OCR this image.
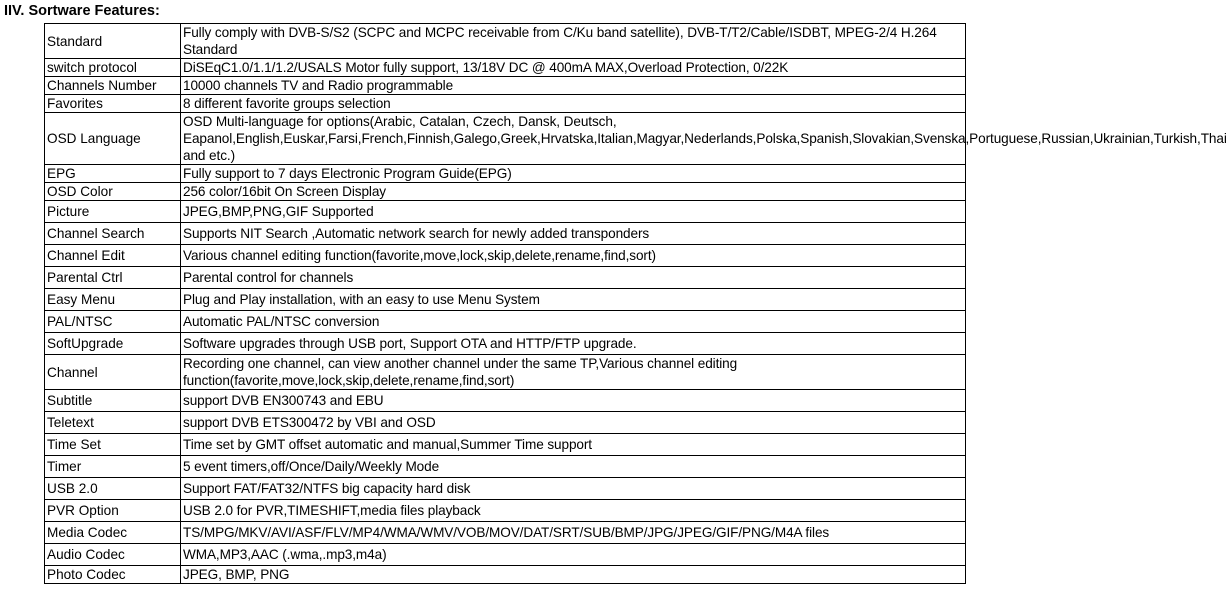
IIV. Sortware Features:
Standard	Fully comply with DVB-S/S2 (SCPC and MCPC receivable from C/Ku band satellite), DVB-T/T2/Cable/ISDBT, MPEG-2/4 H.264 Standard
switch protocol	DiSEqC1.0/1.1/1.2/USALS Motor fully support, 13/18V DC @ 400mA MAX,Overload Protection, 0/22K
Channels Number	10000 channels TV and Radio programmable
Favorites	8 different favorite groups selection
OSD Language	OSD Multi-language for options(Arabic, Catalan, Czech, Dansk, Deutsch, Eapanol,English,Euskar,Farsi,French,Finnish,Galego,Greek,Hrvatska,Italian,Magyar,Nederlands,Polska,Spanish,Slovakian,Svenska,Portuguese,Russian,Ukrainian,Turkish,Thai and etc.)
EPG	Fully support to 7 days Electronic Program Guide(EPG)
OSD Color	256 color/16bit On Screen Display
Picture	JPEG,BMP,PNG,GIF Supported
Channel Search	Supports NIT Search ,Automatic network search for newly added transponders
Channel Edit	Various channel editing function(favorite,move,lock,skip,delete,rename,find,sort)
Parental Ctrl	Parental control for channels
Easy Menu	Plug and Play installation, with an easy to use Menu System
PAL/NTSC	Automatic PAL/NTSC conversion
SoftUpgrade	Software upgrades through USB port, Support OTA and HTTP/FTP upgrade.
Channel	Recording one channel, can view another channel under the same TP,Various channel editing function(favorite,move,lock,skip,delete,rename,find,sort)
Subtitle	support DVB EN300743 and EBU
Teletext	support DVB ETS300472 by VBI and OSD
Time Set	Time set by GMT offset automatic and manual,Summer Time support
Timer	5 event timers,off/Once/Daily/Weekly Mode
USB 2.0	Support FAT/FAT32/NTFS big capacity hard disk
PVR Option	USB 2.0 for PVR,TIMESHIFT,media files playback
Media Codec	TS/MPG/MKV/AVI/ASF/FLV/MP4/WMA/WMV/VOB/MOV/DAT/SRT/SUB/BMP/JPG/JPEG/GIF/PNG/M4A files
Audio Codec	WMA,MP3,AAC (.wma,.mp3,m4a)
Photo Codec	JPEG, BMP, PNG
